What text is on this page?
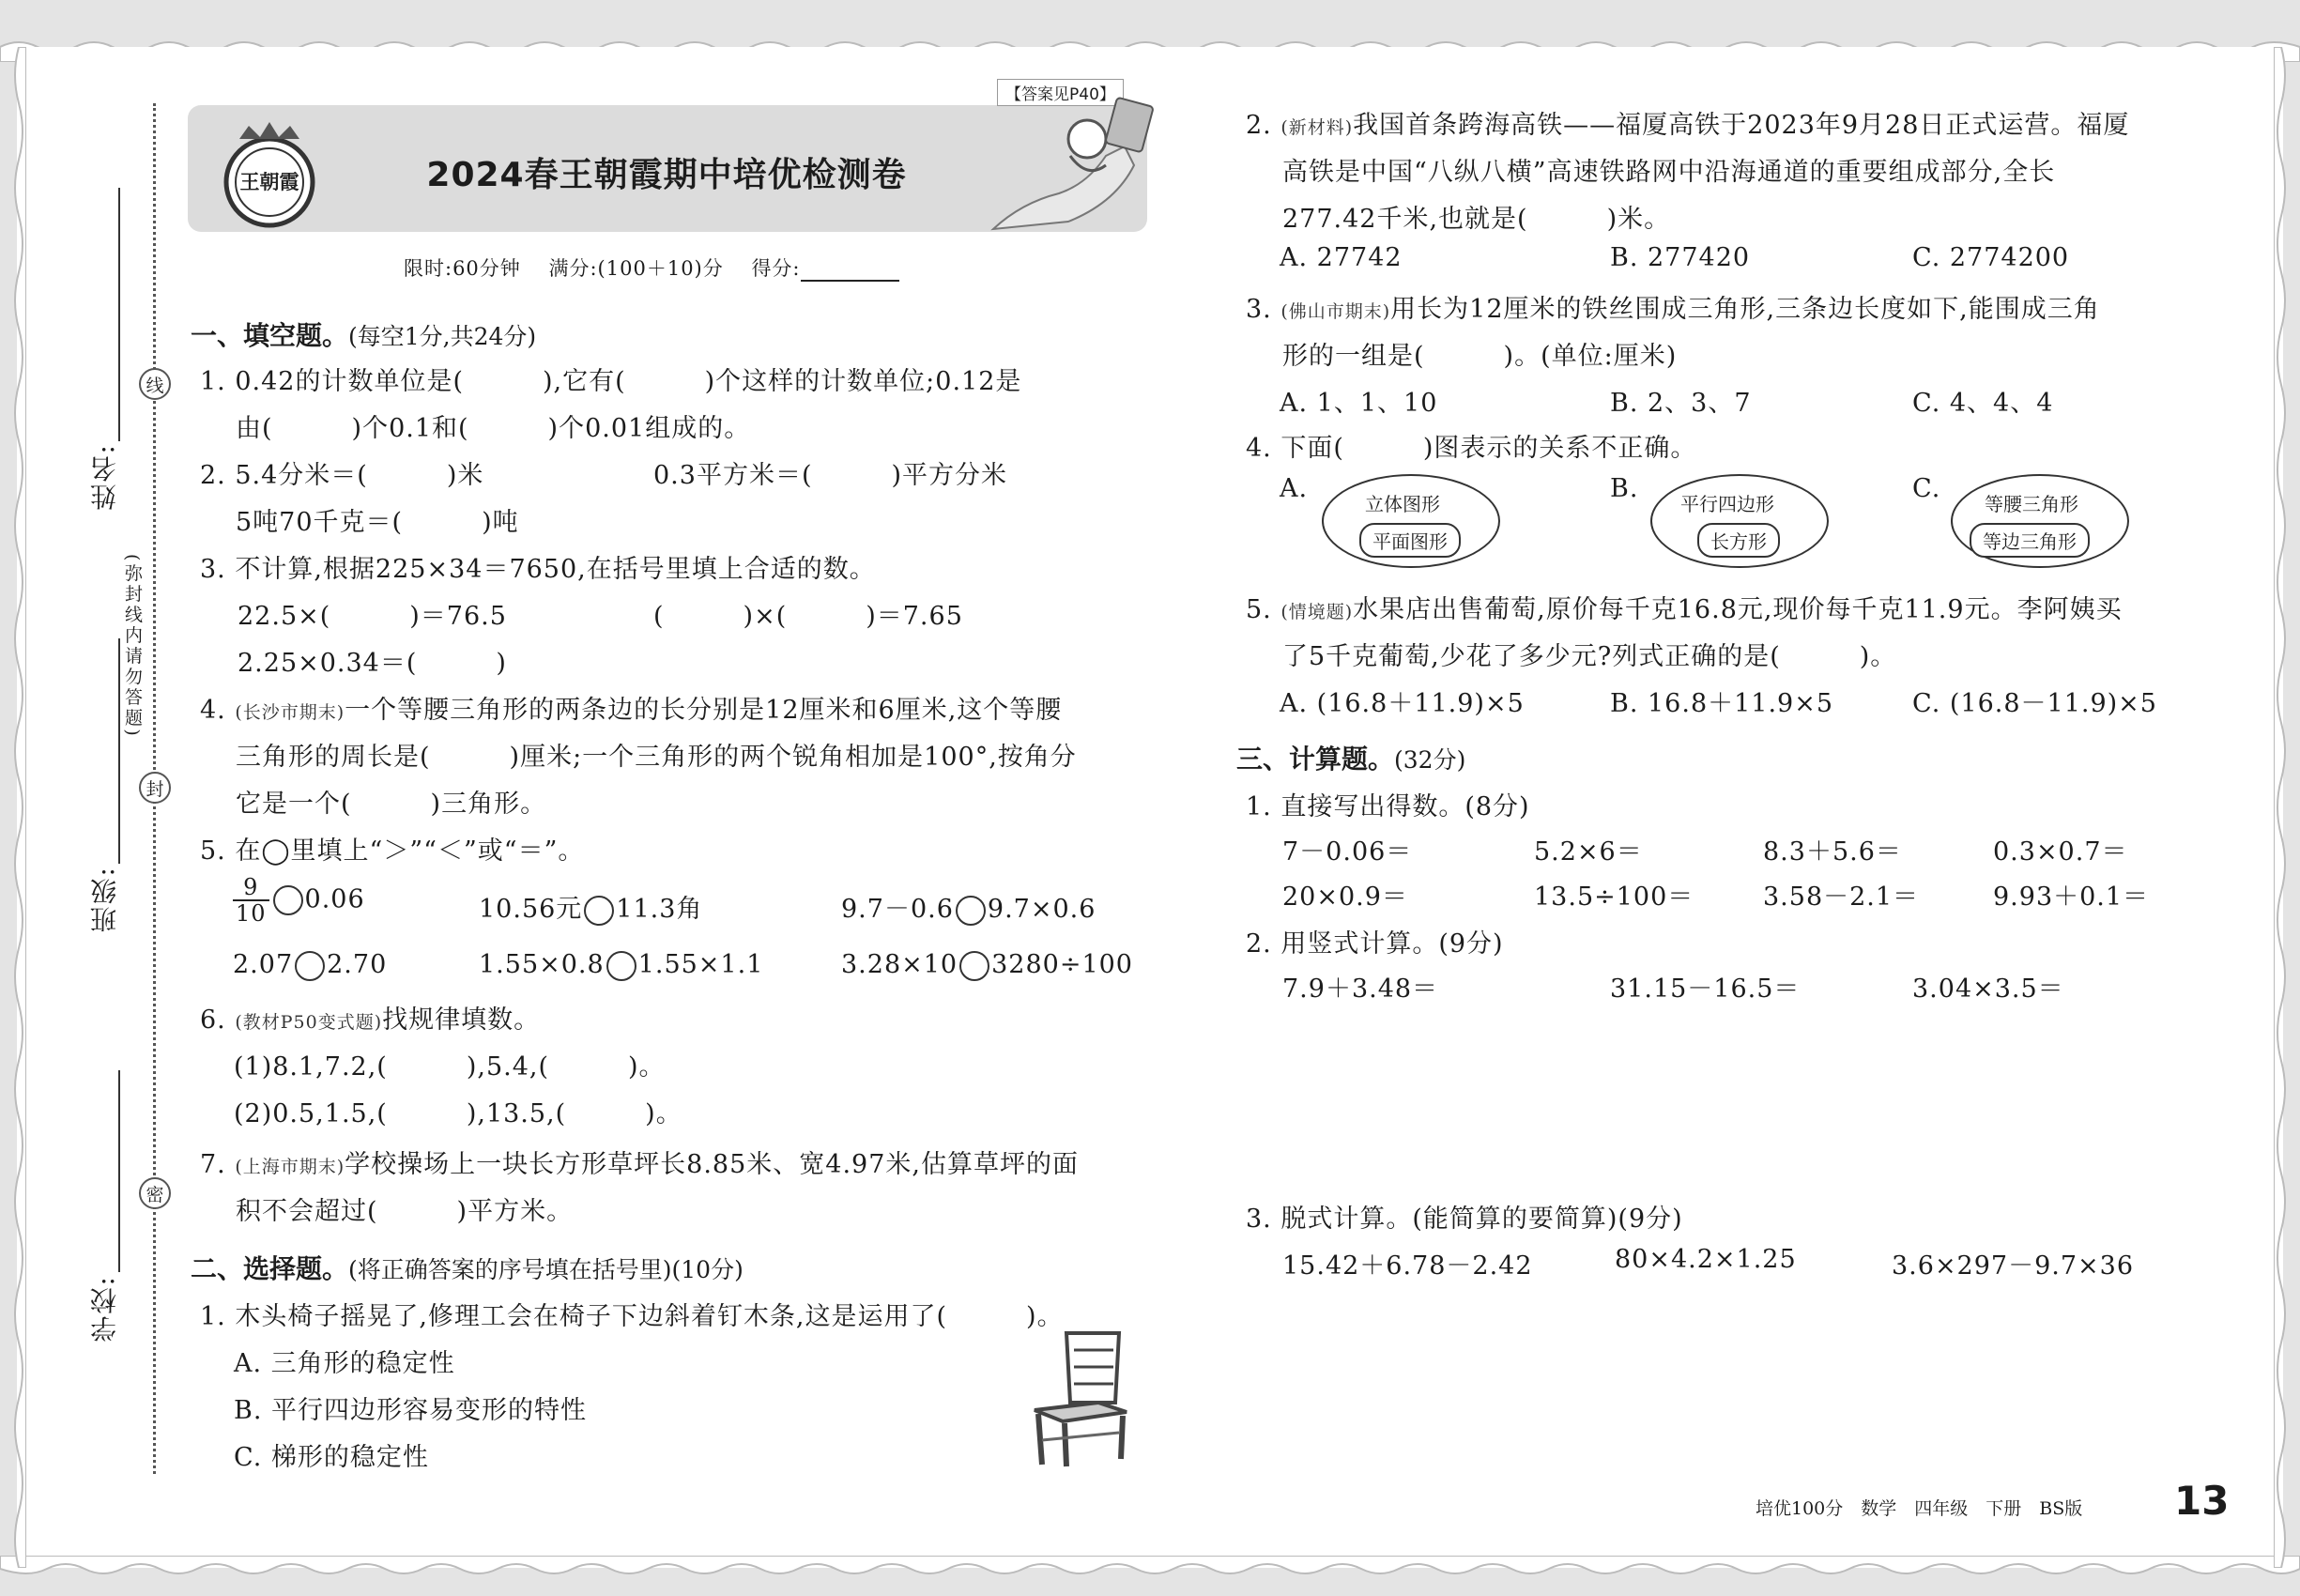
线
封
密
姓名:
班级:
学校:
(弥封线内请勿答题)
王朝霞
【答案见P40】
2024春王朝霞期中培优检测卷
限时:60分钟　 满分:(100＋10)分　 得分:
一、填空题。(每空1分,共24分)
1. 0.42的计数单位是(　　　),它有(　　　)个这样的计数单位;0.12是
由(　　　)个0.1和(　　　)个0.01组成的。
2. 5.4分米＝(　　　)米	0.3平方米＝(　　　)平方分米
5吨70千克＝(　　　)吨
3. 不计算,根据225×34＝7650,在括号里填上合适的数。
22.5×(　　　)＝76.5	(　　　)×(　　　)＝7.65
2.25×0.34＝(　　　)
4. (长沙市期末)一个等腰三角形的两条边的长分别是12厘米和6厘米,这个等腰
三角形的周长是(　　　)厘米;一个三角形的两个锐角相加是100°,按角分
它是一个(　　　)三角形。
5. 在◯里填上“＞”“＜”或“＝”。
$\frac{9}{10} 0.06$	10.56元 11.3角	9.7－0.6 9.7×0.6
2.07 2.70	1.55×0.8 1.55×1.1	3.28×10 3280÷100
6. (教材P50变式题)找规律填数。
(1)8.1,7.2,(　　　),5.4,(　　　)。
(2)0.5,1.5,(　　　),13.5,(　　　)。
7. (上海市期末)学校操场上一块长方形草坪长8.85米、宽4.97米,估算草坪的面
积不会超过(　　　)平方米。
二、选择题。(将正确答案的序号填在括号里)(10分)
1. 木头椅子摇晃了,修理工会在椅子下边斜着钉木条,这是运用了(　　　)。
A. 三角形的稳定性
B. 平行四边形容易变形的特性
C. 梯形的稳定性
2. (新材料)我国首条跨海高铁——福厦高铁于2023年9月28日正式运营。福厦
高铁是中国“八纵八横”高速铁路网中沿海通道的重要组成部分,全长
277.42千米,也就是(　　　)米。
A. 27742	B. 277420	C. 2774200
3. (佛山市期末)用长为12厘米的铁丝围成三角形,三条边长度如下,能围成三角
形的一组是(　　　)。(单位:厘米)
A. 1、1、10	B. 2、3、7	C. 4、4、4
4. 下面(　　　)图表示的关系不正确。
A.
立体图形
平面图形
B.
平行四边形
长方形
C.
等腰三角形
等边三角形
5. (情境题)水果店出售葡萄,原价每千克16.8元,现价每千克11.9元。李阿姨买
了5千克葡萄,少花了多少元?列式正确的是(　　　)。
A. (16.8＋11.9)×5	B. 16.8＋11.9×5	C. (16.8－11.9)×5
三、计算题。(32分)
1. 直接写出得数。(8分)
7－0.06＝	5.2×6＝	8.3＋5.6＝	0.3×0.7＝
20×0.9＝	13.5÷100＝	3.58－2.1＝	9.93＋0.1＝
2. 用竖式计算。(9分)
7.9＋3.48＝	31.15－16.5＝	3.04×3.5＝
3. 脱式计算。(能简算的要简算)(9分)
15.42＋6.78－2.42	80×4.2×1.25	3.6×297－9.7×36
培优100分　数学　四年级　下册　BS版 13
